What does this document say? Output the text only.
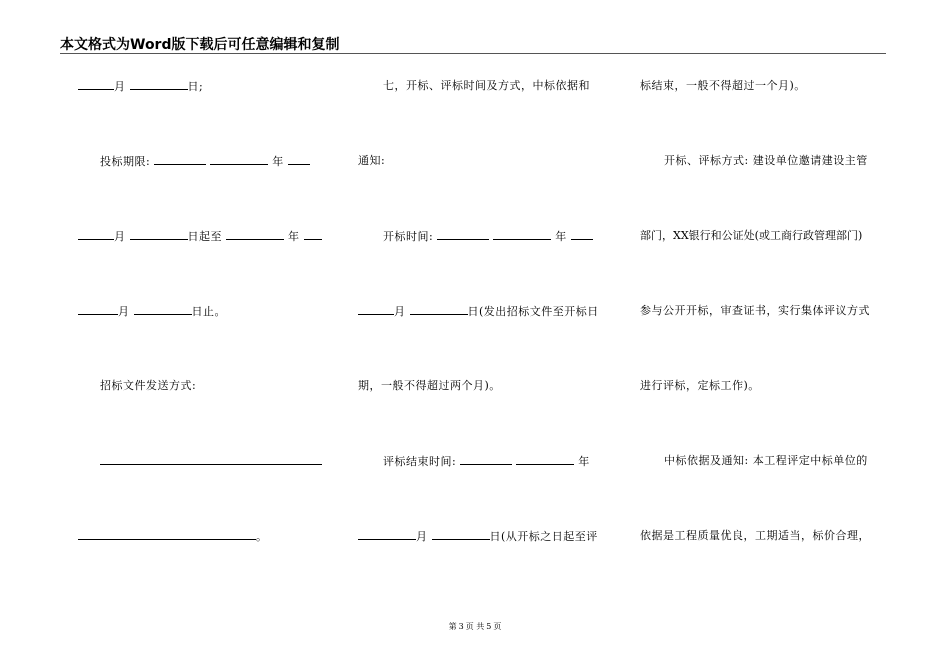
本文格式为Word版下载后可任意编辑和复制
月	日;
投标期限:	年
月	日起至	年
月	日止。
招标文件发送方式:
。
七，开标、评标时间及方式，中标依据和
通知:
开标时间:	年
月	日(发出招标文件至开标日
期，一般不得超过两个月)。
评标结束时间:	年
月	日(从开标之日起至评
标结束，一般不得超过一个月)。
开标、评标方式: 建设单位邀请建设主管
部门，XX银行和公证处(或工商行政管理部门)
参与公开开标，审查证书，实行集体评议方式
进行评标，定标工作)。
中标依据及通知: 本工程评定中标单位的
依据是工程质量优良，工期适当，标价合理，
第 3 页 共 5 页
